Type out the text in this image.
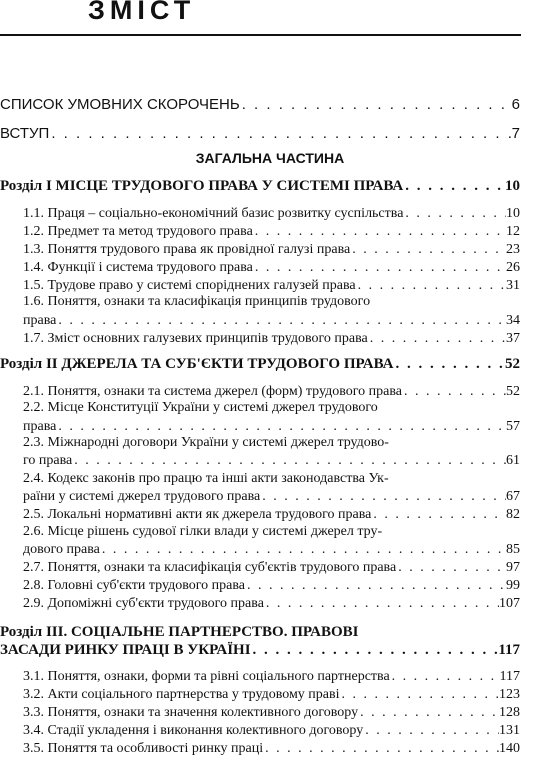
ЗМІСТ
СПИСОК УМОВНИХ СКОРОЧЕНЬ . . .	6
ВСТУП . . .	7
ЗАГАЛЬНА ЧАСТИНА
Розділ І МІСЦЕ ТРУДОВОГО ПРАВА У СИСТЕМІ ПРАВА . . .	10
1.1. Праця – соціально-економічний базис розвитку суспільства . . .	10
1.2. Предмет та метод трудового права . . .	12
1.3. Поняття трудового права як провідної галузі права . . .	23
1.4. Функції і система трудового права . . .	26
1.5. Трудове право у системі споріднених галузей права . . .	31
1.6. Поняття, ознаки та класифікація принципів трудового
права . . .	34
1.7. Зміст основних галузевих принципів трудового права . . .	37
Розділ ІІ ДЖЕРЕЛА ТА СУБ'ЄКТИ ТРУДОВОГО ПРАВА . . .	52
2.1. Поняття, ознаки та система джерел (форм) трудового права . . .	52
2.2. Місце Конституції України у системі джерел трудового
права . . .	57
2.3. Міжнародні договори України у системі джерел трудово-
го права . . .	61
2.4. Кодекс законів про працю та інші акти законодавства Ук-
раїни у системі джерел трудового права . . .	67
2.5. Локальні нормативні акти як джерела трудового права . . .	82
2.6. Місце рішень судової гілки влади у системі джерел тру-
дового права . . .	85
2.7. Поняття, ознаки та класифікація суб'єктів трудового права . . .	97
2.8. Головні суб'єкти трудового права . . .	99
2.9. Допоміжні суб'єкти трудового права . . .	107
Розділ ІІІ. СОЦІАЛЬНЕ ПАРТНЕРСТВО. ПРАВОВІ
ЗАСАДИ РИНКУ ПРАЦІ В УКРАЇНІ . . .	117
3.1. Поняття, ознаки, форми та рівні соціального партнерства . . .	117
3.2. Акти соціального партнерства у трудовому праві . . .	123
3.3. Поняття, ознаки та значення колективного договору . . .	128
3.4. Стадії укладення і виконання колективного договору . . .	131
3.5. Поняття та особливості ринку праці . . .	140
